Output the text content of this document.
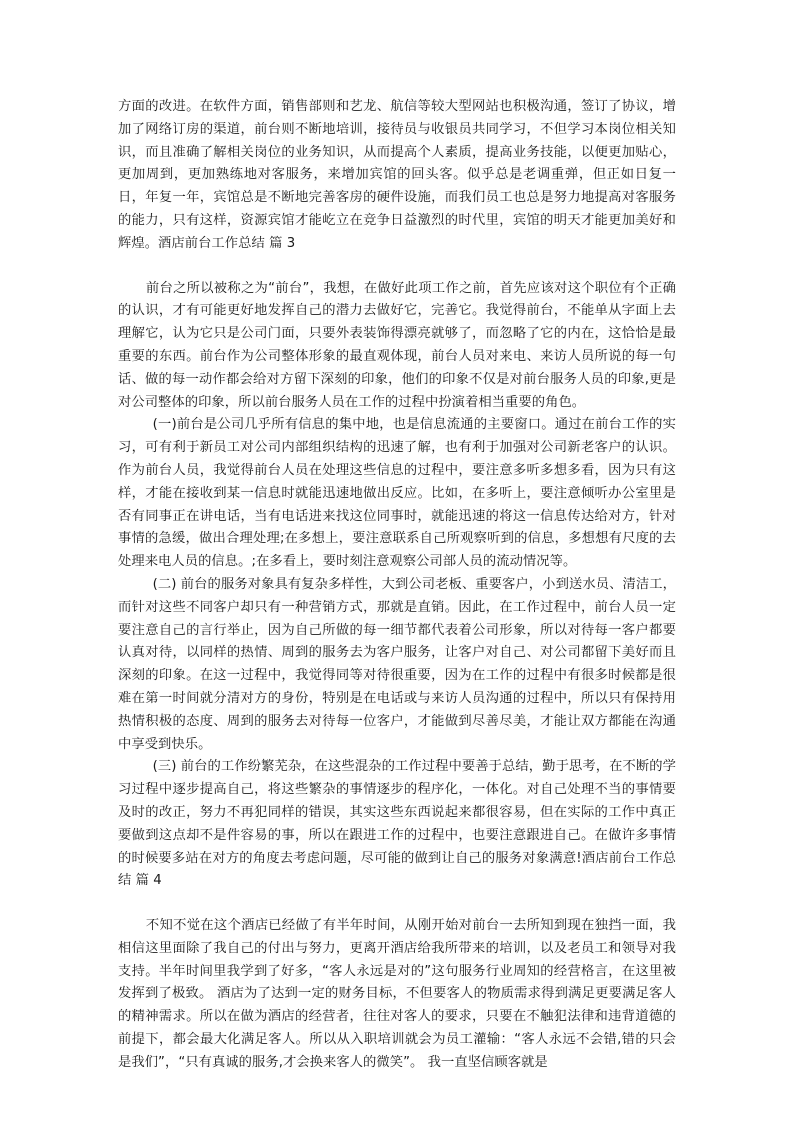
方面的改进。在软件方面，销售部则和艺龙、航信等较大型网站也积极沟通，签订了协议，增加了网络订房的渠道，前台则不断地培训，接待员与收银员共同学习，不但学习本岗位相关知识，而且准确了解相关岗位的业务知识，从而提高个人素质，提高业务技能，以便更加贴心，更加周到，更加熟练地对客服务，来增加宾馆的回头客。似乎总是老调重弹，但正如日复一日，年复一年，宾馆总是不断地完善客房的硬件设施，而我们员工也总是努力地提高对客服务的能力，只有这样，资源宾馆才能屹立在竞争日益激烈的时代里，宾馆的明天才能更加美好和辉煌。酒店前台工作总结 篇 3

前台之所以被称之为“前台”，我想，在做好此项工作之前，首先应该对这个职位有个正确的认识，才有可能更好地发挥自己的潜力去做好它，完善它。我觉得前台，不能单从字面上去理解它，认为它只是公司门面，只要外表装饰得漂亮就够了，而忽略了它的内在，这恰恰是最重要的东西。前台作为公司整体形象的最直观体现，前台人员对来电、来访人员所说的每一句话、做的每一动作都会给对方留下深刻的印象，他们的印象不仅是对前台服务人员的印象,更是对公司整体的印象，所以前台服务人员在工作的过程中扮演着相当重要的角色。

(一)前台是公司几乎所有信息的集中地，也是信息流通的主要窗口。通过在前台工作的实习，可有利于新员工对公司内部组织结构的迅速了解，也有利于加强对公司新老客户的认识。作为前台人员，我觉得前台人员在处理这些信息的过程中，要注意多听多想多看，因为只有这样，才能在接收到某一信息时就能迅速地做出反应。比如，在多听上，要注意倾听办公室里是否有同事正在讲电话，当有电话进来找这位同事时，就能迅速的将这一信息传达给对方，针对事情的急缓，做出合理处理;在多想上，要注意联系自己所观察听到的信息，多想想有尺度的去处理来电人员的信息。;在多看上，要时刻注意观察公司部人员的流动情况等。

(二) 前台的服务对象具有复杂多样性，大到公司老板、重要客户，小到送水员、清洁工，而针对这些不同客户却只有一种营销方式，那就是直销。因此，在工作过程中，前台人员一定要注意自己的言行举止，因为自己所做的每一细节都代表着公司形象，所以对待每一客户都要认真对待，以同样的热情、周到的服务去为客户服务，让客户对自己、对公司都留下美好而且深刻的印象。在这一过程中，我觉得同等对待很重要，因为在工作的过程中有很多时候都是很难在第一时间就分清对方的身份，特别是在电话或与来访人员沟通的过程中，所以只有保持用热情积极的态度、周到的服务去对待每一位客户，才能做到尽善尽美，才能让双方都能在沟通中享受到快乐。

(三) 前台的工作纷繁芜杂，在这些混杂的工作过程中要善于总结，勤于思考，在不断的学习过程中逐步提高自己，将这些繁杂的事情逐步的程序化，一体化。对自己处理不当的事情要及时的改正，努力不再犯同样的错误，其实这些东西说起来都很容易，但在实际的工作中真正要做到这点却不是件容易的事，所以在跟进工作的过程中，也要注意跟进自己。在做许多事情的时候要多站在对方的角度去考虑问题，尽可能的做到让自己的服务对象满意!酒店前台工作总结 篇 4

不知不觉在这个酒店已经做了有半年时间，从刚开始对前台一去所知到现在独挡一面，我相信这里面除了我自己的付出与努力，更离开酒店给我所带来的培训，以及老员工和领导对我支持。半年时间里我学到了好多，“客人永远是对的”这句服务行业周知的经营格言，在这里被发挥到了极致。 酒店为了达到一定的财务目标，不但要客人的物质需求得到满足更要满足客人的精神需求。所以在做为酒店的经营者，往往对客人的要求，只要在不触犯法律和违背道德的前提下，都会最大化满足客人。所以从入职培训就会为员工灌输：“客人永远不会错,错的只会是我们”，“只有真诚的服务,才会换来客人的微笑”。 我一直坚信顾客就是
